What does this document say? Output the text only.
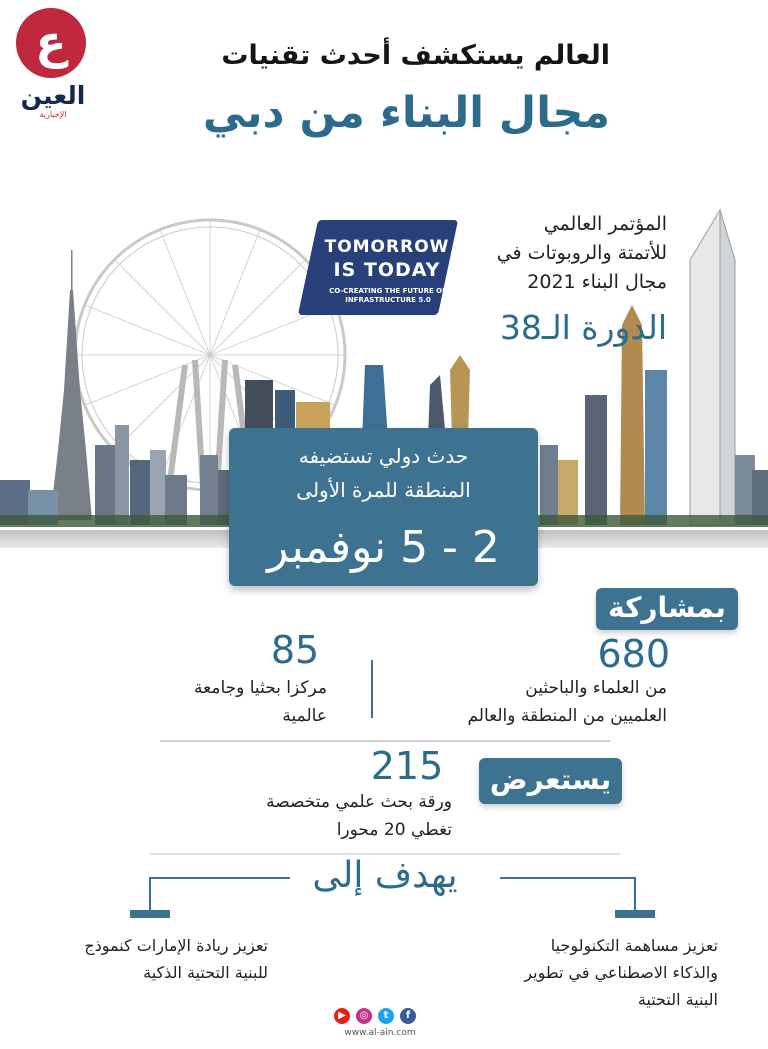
ع
العين
الإخبارية
العالم يستكشف أحدث تقنيات
مجال البناء من دبي
المؤتمر العالمي
للأتمتة والروبوتات في
مجال البناء 2021
الدورة الـ38
TOMORROW
IS TODAY
CO-CREATING THE FUTURE OF INFRASTRUCTURE 5.0
حدث دولي تستضيفه
المنطقة للمرة الأولى
2 - 5 نوفمبر
بمشاركة
680
من العلماء والباحثين
العلميين من المنطقة والعالم
85
مركزا بحثيا وجامعة
عالمية
يستعرض
215
ورقة بحث علمي متخصصة
تغطي 20 محورا
يهدف إلى
تعزيز مساهمة التكنولوجيا
والذكاء الاصطناعي في تطوير
البنية التحتية
تعزيز ريادة الإمارات كنموذج
للبنية التحتية الذكية
▶	◎	t	f
www.al-ain.com
